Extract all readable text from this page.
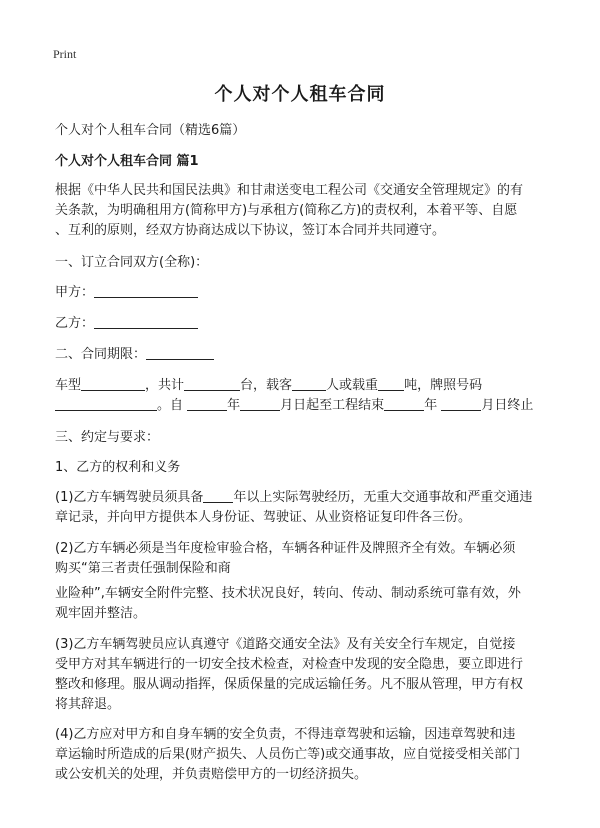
Print
个人对个人租车合同
个人对个人租车合同（精选6篇）
个人对个人租车合同 篇1
根据《中华人民共和国民法典》和甘肃送变电工程公司《交通安全管理规定》的有
关条款，为明确租用方(简称甲方)与承租方(简称乙方)的责权利，本着平等、自愿
、互利的原则，经双方协商达成以下协议，签订本合同并共同遵守。
一、订立合同双方(全称)：
甲方：
乙方：
二、合同期限：
车型	，共计	台，载客	人或载重 吨，牌照号码
。自	年	月日起至工程结束	年	月日终止
三、约定与要求：
1、乙方的权利和义务
(1)乙方车辆驾驶员须具备 年以上实际驾驶经历，无重大交通事故和严重交通违
章记录，并向甲方提供本人身份证、驾驶证、从业资格证复印件各三份。
(2)乙方车辆必须是当年度检审验合格，车辆各种证件及牌照齐全有效。车辆必须
购买“第三者责任强制保险和商
业险种”,车辆安全附件完整、技术状况良好，转向、传动、制动系统可靠有效，外
观牢固并整洁。
(3)乙方车辆驾驶员应认真遵守《道路交通安全法》及有关安全行车规定，自觉接
受甲方对其车辆进行的一切安全技术检查，对检查中发现的安全隐患，要立即进行
整改和修理。服从调动指挥，保质保量的完成运输任务。凡不服从管理，甲方有权
将其辞退。
(4)乙方应对甲方和自身车辆的安全负责，不得违章驾驶和运输，因违章驾驶和违
章运输时所造成的后果(财产损失、人员伤亡等)或交通事故，应自觉接受相关部门
或公安机关的处理，并负责赔偿甲方的一切经济损失。
